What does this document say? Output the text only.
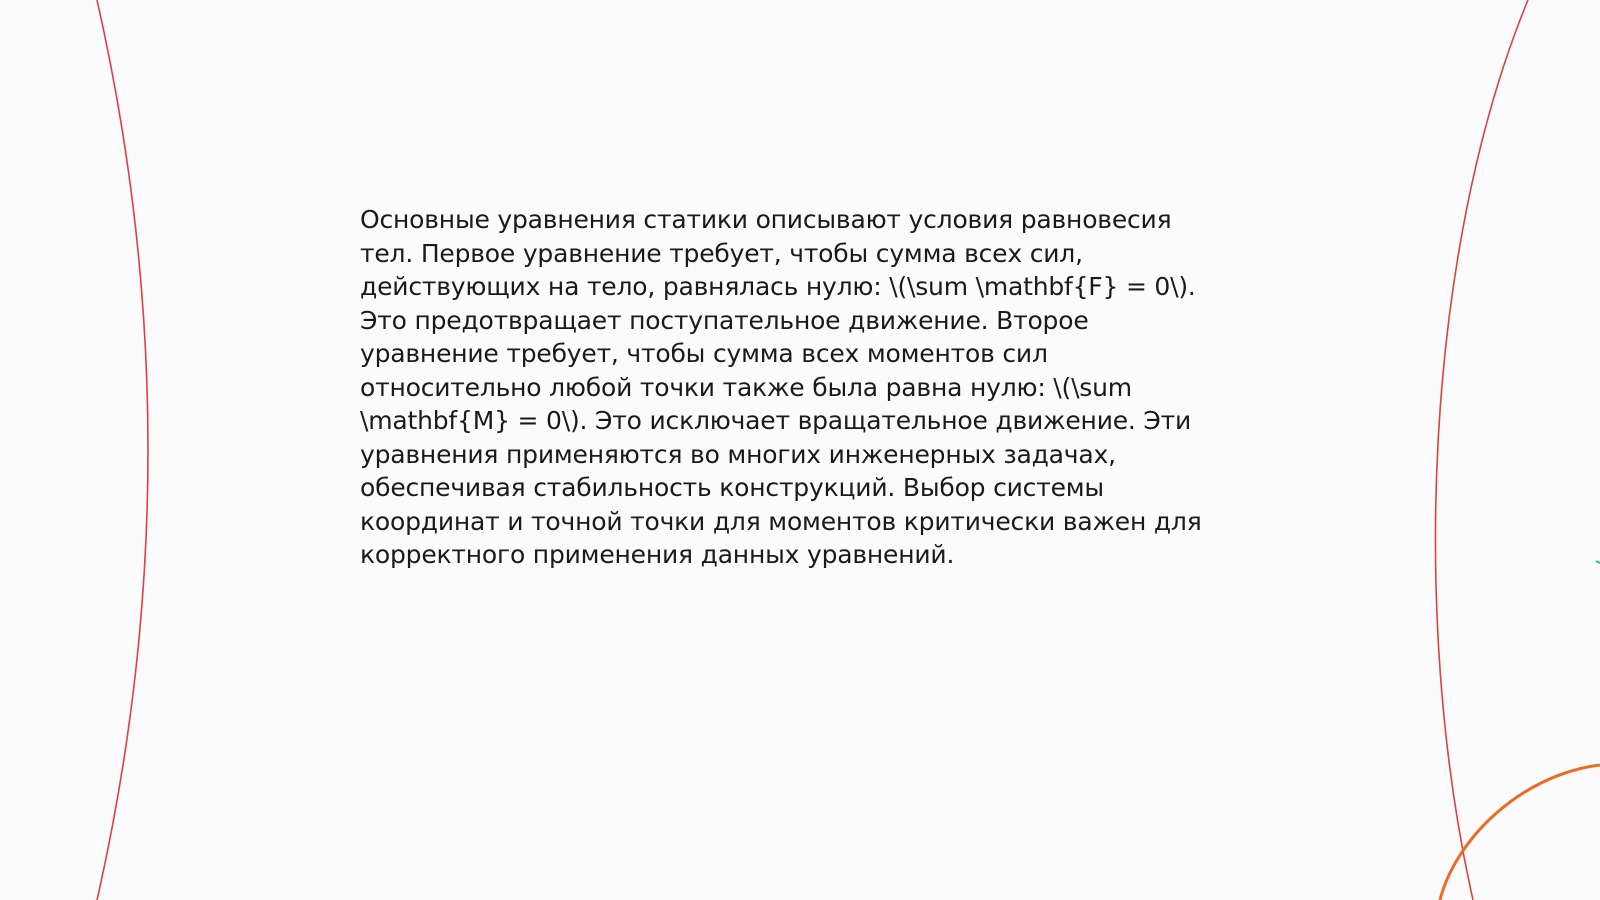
Основные уравнения статики описывают условия равновесия
тел. Первое уравнение требует, чтобы сумма всех сил,
действующих на тело, равнялась нулю: \(\sum \mathbf{F} = 0\).
Это предотвращает поступательное движение. Второе
уравнение требует, чтобы сумма всех моментов сил
относительно любой точки также была равна нулю: \(\sum
\mathbf{M} = 0\). Это исключает вращательное движение. Эти
уравнения применяются во многих инженерных задачах,
обеспечивая стабильность конструкций. Выбор системы
координат и точной точки для моментов критически важен для
корректного применения данных уравнений.
